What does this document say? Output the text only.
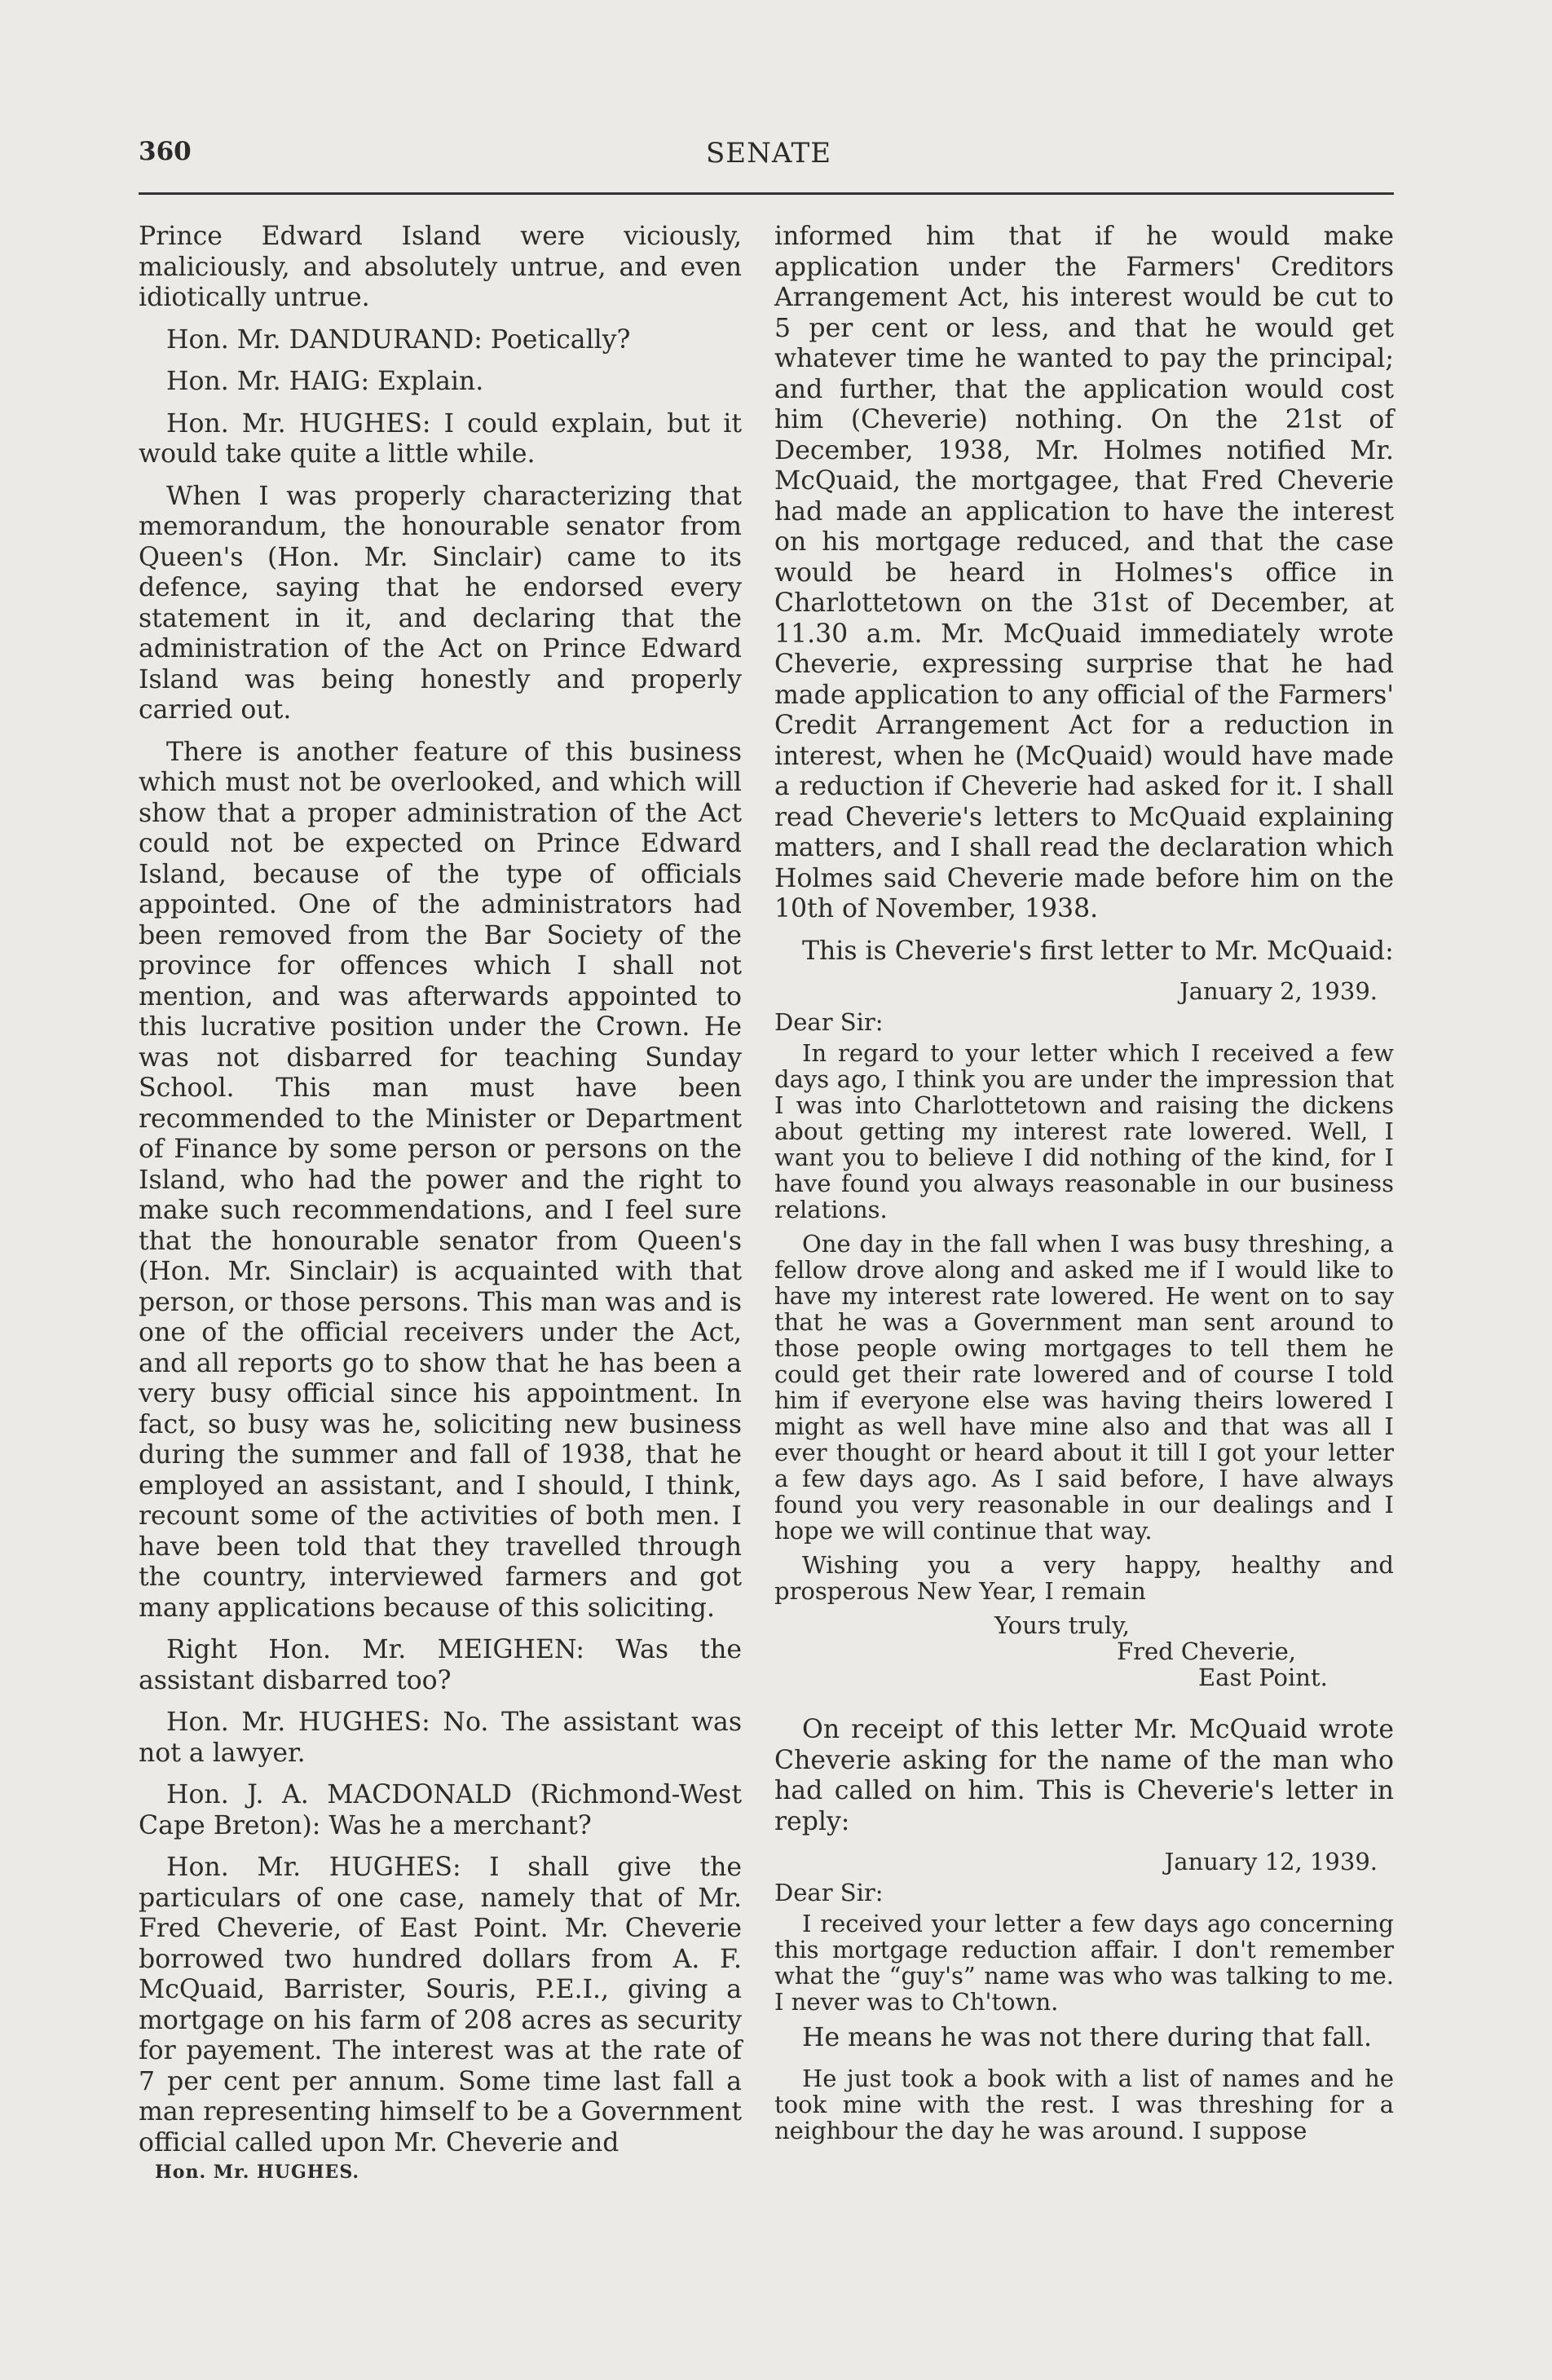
360	SENATE

Prince Edward Island were viciously, maliciously, and absolutely untrue, and even idiotically untrue.

Hon. Mr. DANDURAND: Poetically?

Hon. Mr. HAIG: Explain.

Hon. Mr. HUGHES: I could explain, but it would take quite a little while.

When I was properly characterizing that memorandum, the honourable senator from Queen's (Hon. Mr. Sinclair) came to its defence, saying that he endorsed every statement in it, and declaring that the administration of the Act on Prince Edward Island was being honestly and properly carried out.

There is another feature of this business which must not be overlooked, and which will show that a proper administration of the Act could not be expected on Prince Edward Island, because of the type of officials appointed. One of the administrators had been removed from the Bar Society of the province for offences which I shall not mention, and was afterwards appointed to this lucrative position under the Crown. He was not disbarred for teaching Sunday School. This man must have been recommended to the Minister or Department of Finance by some person or persons on the Island, who had the power and the right to make such recommendations, and I feel sure that the honourable senator from Queen's (Hon. Mr. Sinclair) is acquainted with that person, or those persons. This man was and is one of the official receivers under the Act, and all reports go to show that he has been a very busy official since his appointment. In fact, so busy was he, soliciting new business during the summer and fall of 1938, that he employed an assistant, and I should, I think, recount some of the activities of both men. I have been told that they travelled through the country, interviewed farmers and got many applications because of this soliciting.

Right Hon. Mr. MEIGHEN: Was the assistant disbarred too?

Hon. Mr. HUGHES: No. The assistant was not a lawyer.

Hon. J. A. MACDONALD (Richmond-West Cape Breton): Was he a merchant?

Hon. Mr. HUGHES: I shall give the particulars of one case, namely that of Mr. Fred Cheverie, of East Point. Mr. Cheverie borrowed two hundred dollars from A. F. McQuaid, Barrister, Souris, P.E.I., giving a mortgage on his farm of 208 acres as security for payement. The interest was at the rate of 7 per cent per annum. Some time last fall a man representing himself to be a Government official called upon Mr. Cheverie and

informed him that if he would make application under the Farmers' Creditors Arrangement Act, his interest would be cut to 5 per cent or less, and that he would get whatever time he wanted to pay the principal; and further, that the application would cost him (Cheverie) nothing. On the 21st of December, 1938, Mr. Holmes notified Mr. McQuaid, the mortgagee, that Fred Cheverie had made an application to have the interest on his mortgage reduced, and that the case would be heard in Holmes's office in Charlottetown on the 31st of December, at 11.30 a.m. Mr. McQuaid immediately wrote Cheverie, expressing surprise that he had made application to any official of the Farmers' Credit Arrangement Act for a reduction in interest, when he (McQuaid) would have made a reduction if Cheverie had asked for it. I shall read Cheverie's letters to McQuaid explaining matters, and I shall read the declaration which Holmes said Cheverie made before him on the 10th of November, 1938.

This is Cheverie's first letter to Mr. McQuaid:

January 2, 1939.
Dear Sir:

In regard to your letter which I received a few days ago, I think you are under the impression that I was into Charlottetown and raising the dickens about getting my interest rate lowered. Well, I want you to believe I did nothing of the kind, for I have found you always reasonable in our business relations.

One day in the fall when I was busy threshing, a fellow drove along and asked me if I would like to have my interest rate lowered. He went on to say that he was a Government man sent around to those people owing mortgages to tell them he could get their rate lowered and of course I told him if everyone else was having theirs lowered I might as well have mine also and that was all I ever thought or heard about it till I got your letter a few days ago. As I said before, I have always found you very reasonable in our dealings and I hope we will continue that way.

Wishing you a very happy, healthy and prosperous New Year, I remain

Yours truly,
Fred Cheverie,
East Point.

On receipt of this letter Mr. McQuaid wrote Cheverie asking for the name of the man who had called on him. This is Cheverie's letter in reply:

January 12, 1939.
Dear Sir:

I received your letter a few days ago concerning this mortgage reduction affair. I don't remember what the “guy's” name was who was talking to me. I never was to Ch'town.

He means he was not there during that fall.

He just took a book with a list of names and he took mine with the rest. I was threshing for a neighbour the day he was around. I suppose

Hon. Mr. HUGHES.
